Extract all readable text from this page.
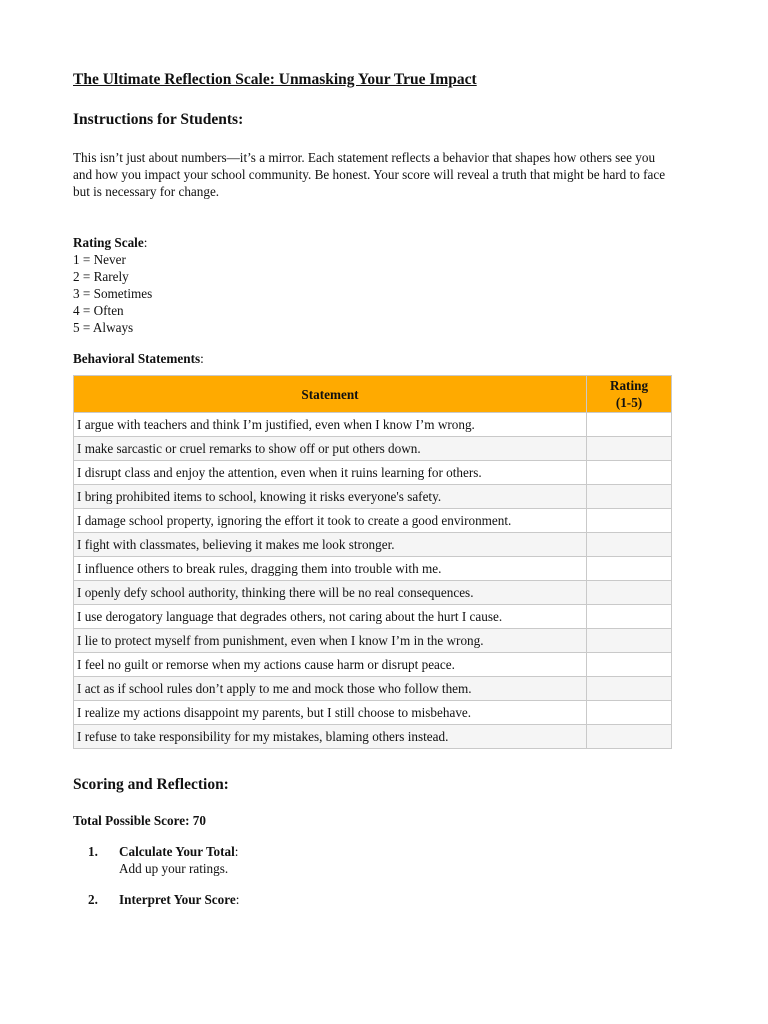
The Ultimate Reflection Scale: Unmasking Your True Impact

Instructions for Students:

This isn’t just about numbers—it’s a mirror. Each statement reflects a behavior that shapes how others see you and how you impact your school community. Be honest. Your score will reveal a truth that might be hard to face but is necessary for change.

Rating Scale:
1 = Never
2 = Rarely
3 = Sometimes
4 = Often
5 = Always
Behavioral Statements:
Statement	Rating
(1-5)
I argue with teachers and think I’m justified, even when I know I’m wrong.	
I make sarcastic or cruel remarks to show off or put others down.	
I disrupt class and enjoy the attention, even when it ruins learning for others.	
I bring prohibited items to school, knowing it risks everyone's safety.	
I damage school property, ignoring the effort it took to create a good environment.	
I fight with classmates, believing it makes me look stronger.	
I influence others to break rules, dragging them into trouble with me.	
I openly defy school authority, thinking there will be no real consequences.	
I use derogatory language that degrades others, not caring about the hurt I cause.	
I lie to protect myself from punishment, even when I know I’m in the wrong.	
I feel no guilt or remorse when my actions cause harm or disrupt peace.	
I act as if school rules don’t apply to me and mock those who follow them.	
I realize my actions disappoint my parents, but I still choose to misbehave.	
I refuse to take responsibility for my mistakes, blaming others instead.	

Scoring and Reflection:

Total Possible Score: 70
1. Calculate Your Total:
Add up your ratings.
2. Interpret Your Score:
